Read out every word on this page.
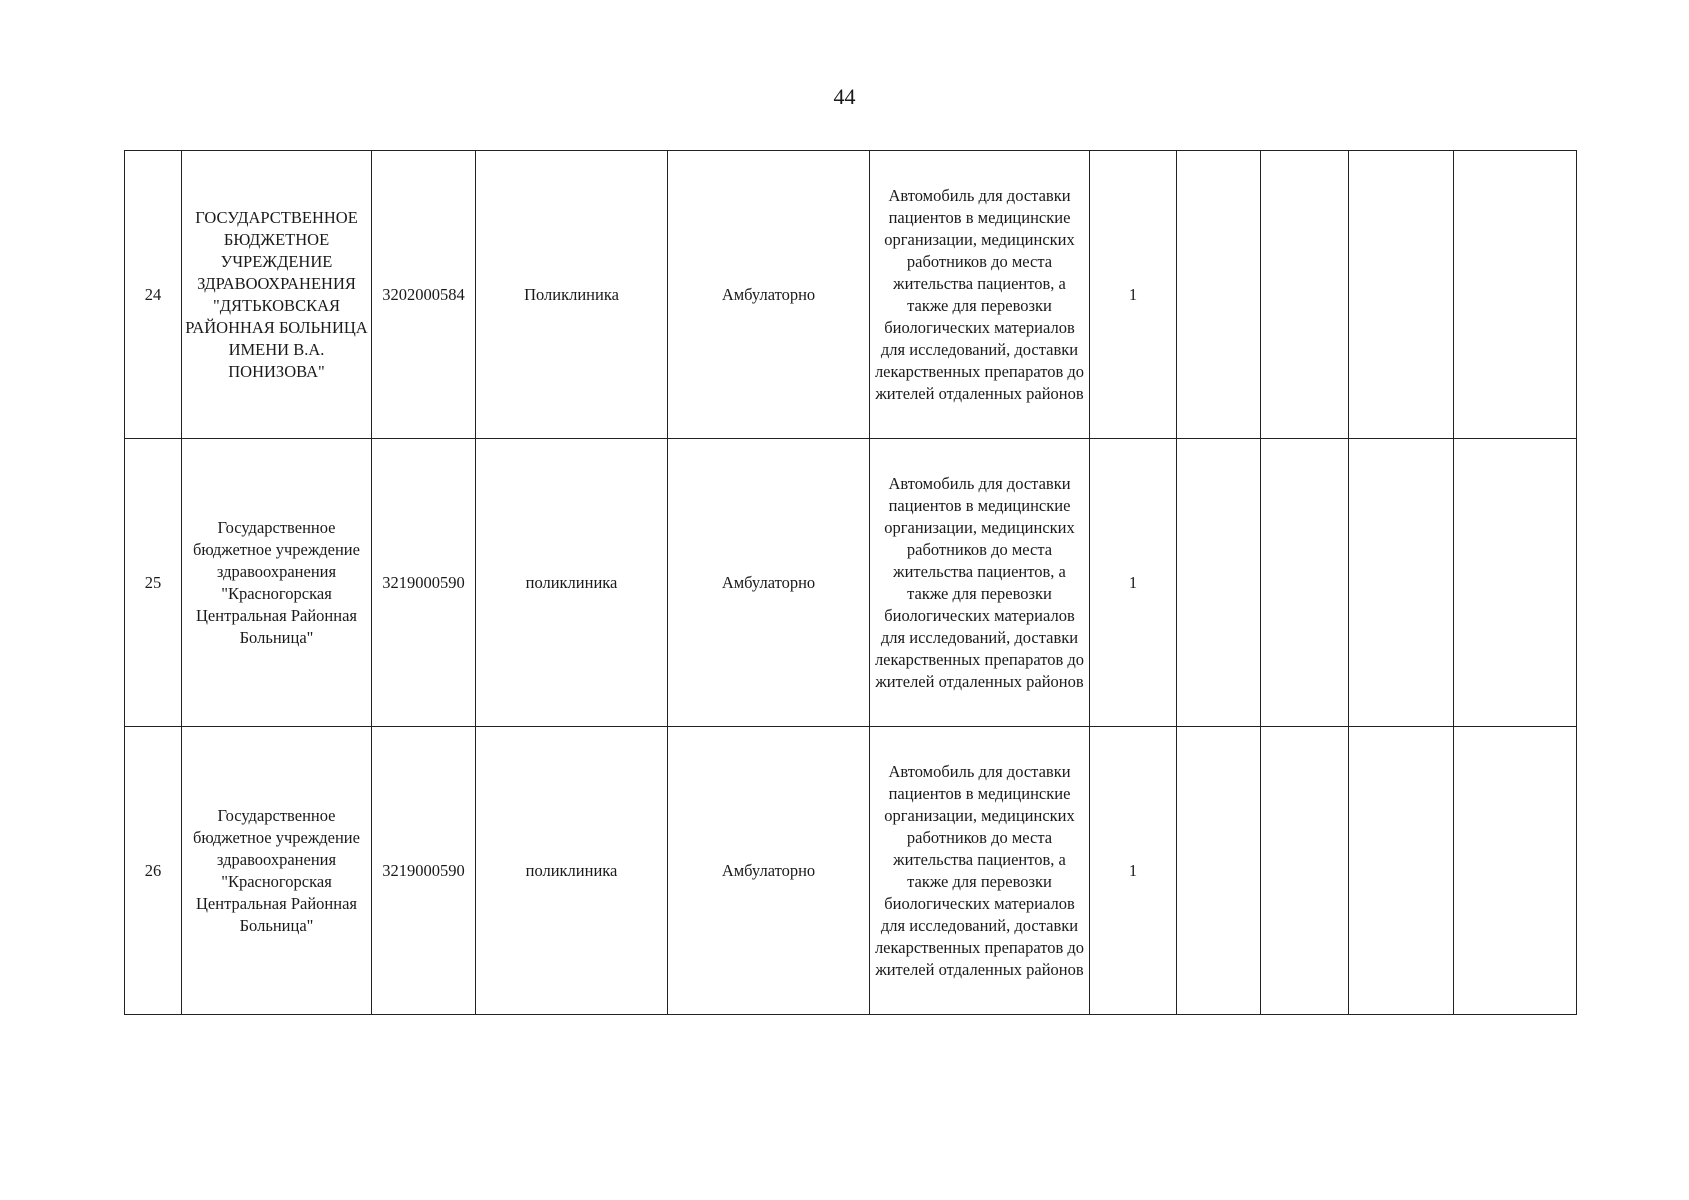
44
24	ГОСУДАРСТВЕННОЕ БЮДЖЕТНОЕ УЧРЕЖДЕНИЕ ЗДРАВООХРАНЕНИЯ "ДЯТЬКОВСКАЯ РАЙОННАЯ БОЛЬНИЦА ИМЕНИ В.А. ПОНИЗОВА"	3202000584	Поликлиника	Амбулаторно	Автомобиль для доставки пациентов в медицинские организации, медицинских работников до места жительства пациентов, а также для перевозки биологических материалов для исследований, доставки лекарственных препаратов до жителей отдаленных районов	1				
25	Государственное бюджетное учреждение здравоохранения "Красногорская Центральная Районная Больница"	3219000590	поликлиника	Амбулаторно	Автомобиль для доставки пациентов в медицинские организации, медицинских работников до места жительства пациентов, а также для перевозки биологических материалов для исследований, доставки лекарственных препаратов до жителей отдаленных районов	1				
26	Государственное бюджетное учреждение здравоохранения "Красногорская Центральная Районная Больница"	3219000590	поликлиника	Амбулаторно	Автомобиль для доставки пациентов в медицинские организации, медицинских работников до места жительства пациентов, а также для перевозки биологических материалов для исследований, доставки лекарственных препаратов до жителей отдаленных районов	1				
